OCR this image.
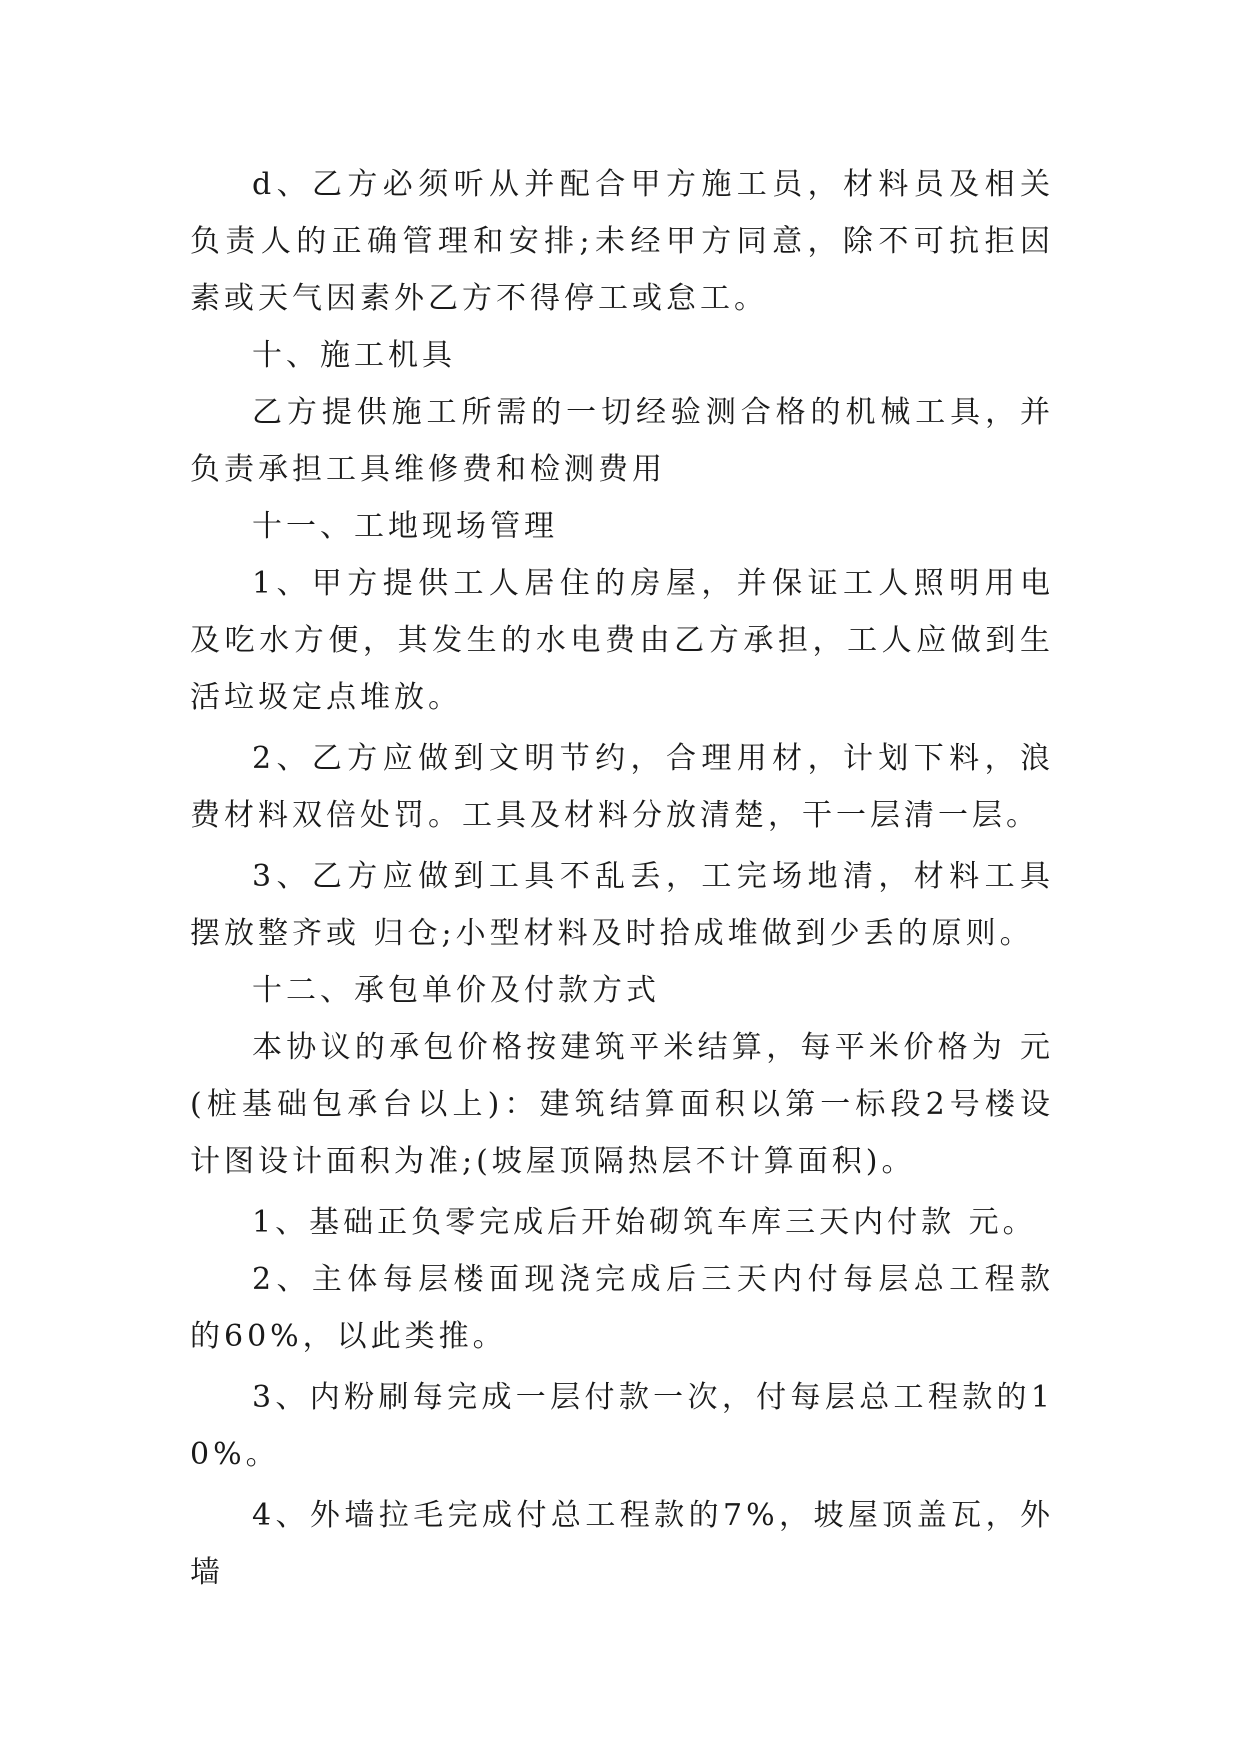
d、乙方必须听从并配合甲方施工员，材料员及相关负责人的正确管理和安排;未经甲方同意，除不可抗拒因素或天气因素外乙方不得停工或怠工。

十、施工机具

乙方提供施工所需的一切经验测合格的机械工具，并负责承担工具维修费和检测费用

十一、工地现场管理

1、甲方提供工人居住的房屋，并保证工人照明用电及吃水方便，其发生的水电费由乙方承担，工人应做到生活垃圾定点堆放。

2、乙方应做到文明节约，合理用材，计划下料，浪费材料双倍处罚。工具及材料分放清楚，干一层清一层。

3、乙方应做到工具不乱丢，工完场地清，材料工具摆放整齐或 归仓;小型材料及时拾成堆做到少丢的原则。

十二、承包单价及付款方式

本协议的承包价格按建筑平米结算，每平米价格为 元(桩基础包承台以上)：建筑结算面积以第一标段2号楼设计图设计面积为准;(坡屋顶隔热层不计算面积)。

1、基础正负零完成后开始砌筑车库三天内付款 元。

2、主体每层楼面现浇完成后三天内付每层总工程款的60%，以此类推。

3、内粉刷每完成一层付款一次，付每层总工程款的10%。

4、外墙拉毛完成付总工程款的7%，坡屋顶盖瓦，外墙
